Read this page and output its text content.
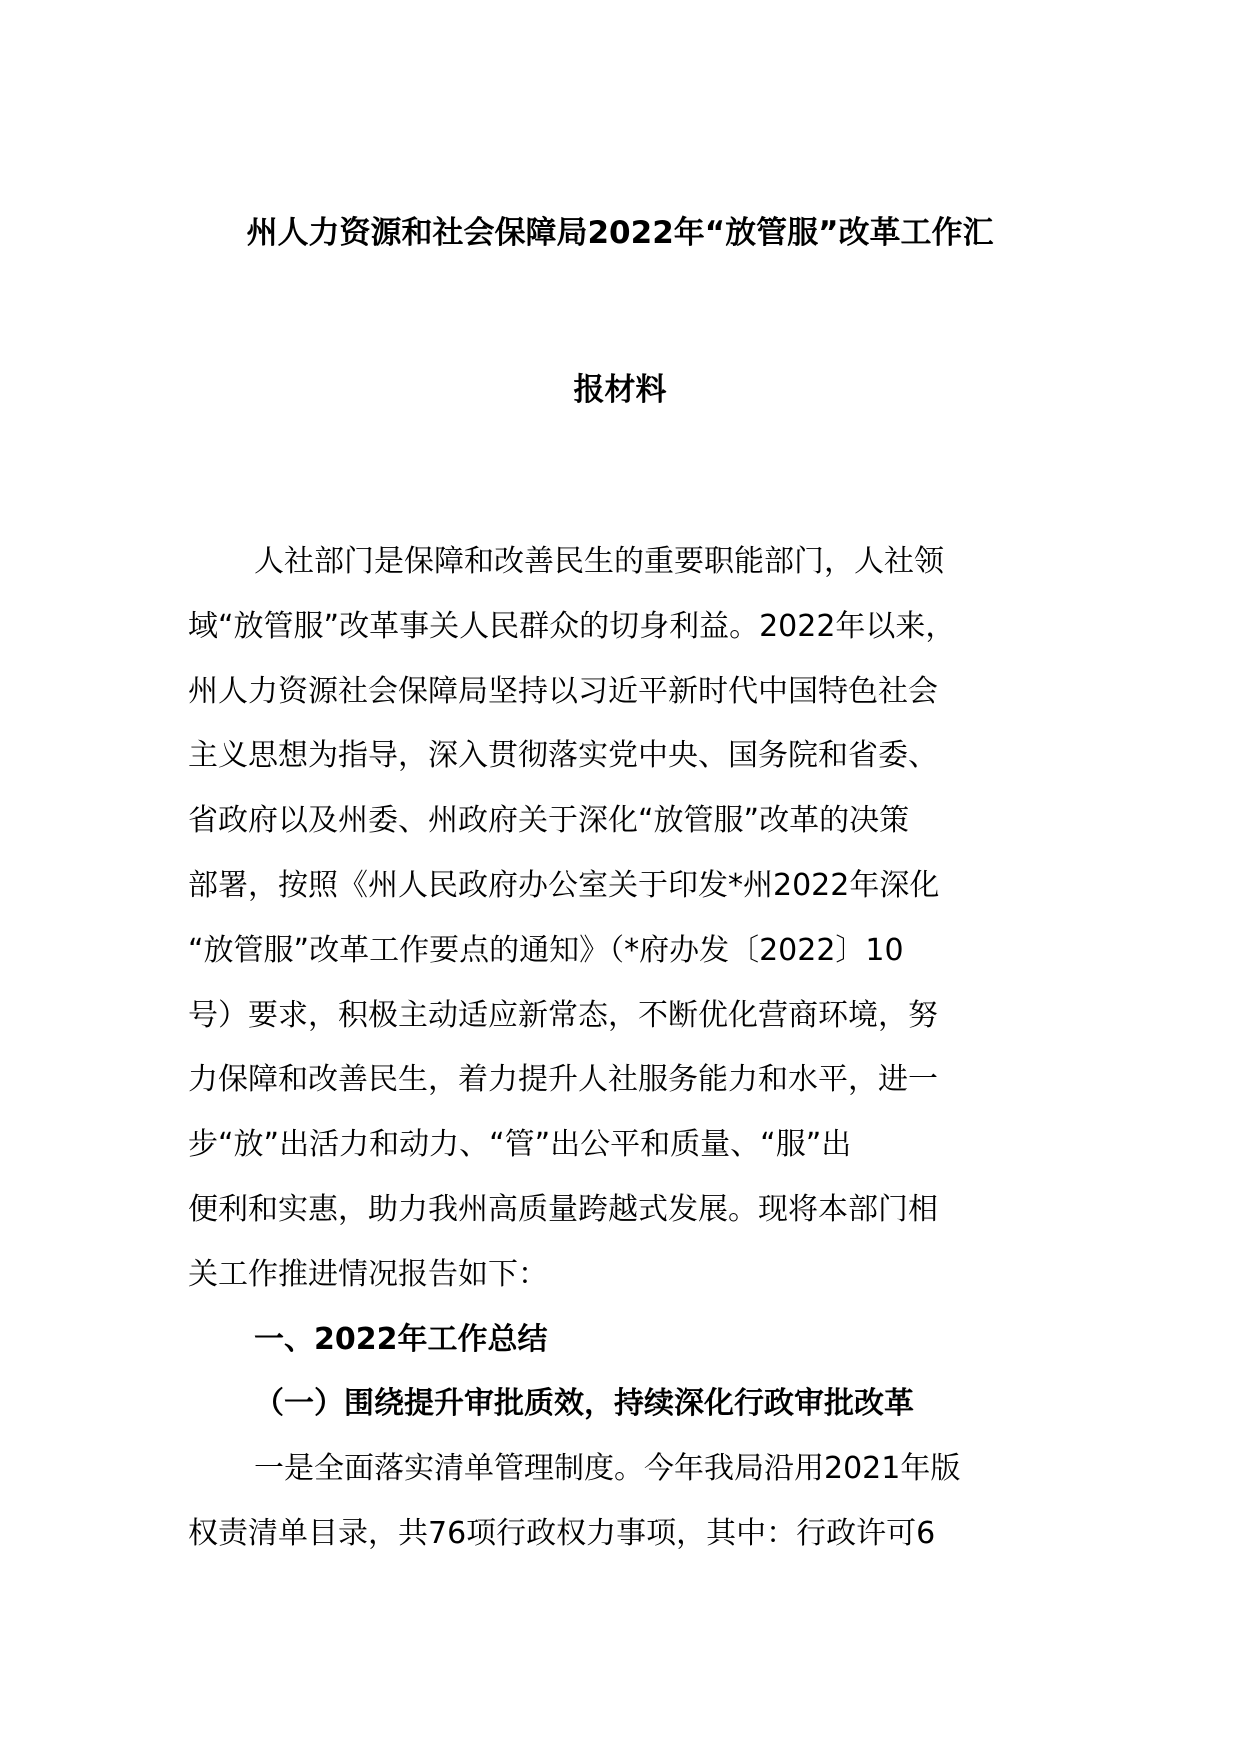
州人力资源和社会保障局2022年“放管服”改革工作汇
报材料
人社部门是保障和改善民生的重要职能部门，人社领
域“放管服”改革事关人民群众的切身利益。2022年以来，
州人力资源社会保障局坚持以习近平新时代中国特色社会
主义思想为指导，深入贯彻落实党中央、国务院和省委、
省政府以及州委、州政府关于深化“放管服”改革的决策
部署，按照《州人民政府办公室关于印发*州2022年深化
“放管服”改革工作要点的通知》（*府办发〔2022〕10
号）要求，积极主动适应新常态，不断优化营商环境，努
力保障和改善民生，着力提升人社服务能力和水平，进一
步“放”出活力和动力、“管”出公平和质量、“服”出
便利和实惠，助力我州高质量跨越式发展。现将本部门相
关工作推进情况报告如下：
一、2022年工作总结
（一）围绕提升审批质效，持续深化行政审批改革
一是全面落实清单管理制度。今年我局沿用2021年版
权责清单目录，共76项行政权力事项，其中：行政许可6
